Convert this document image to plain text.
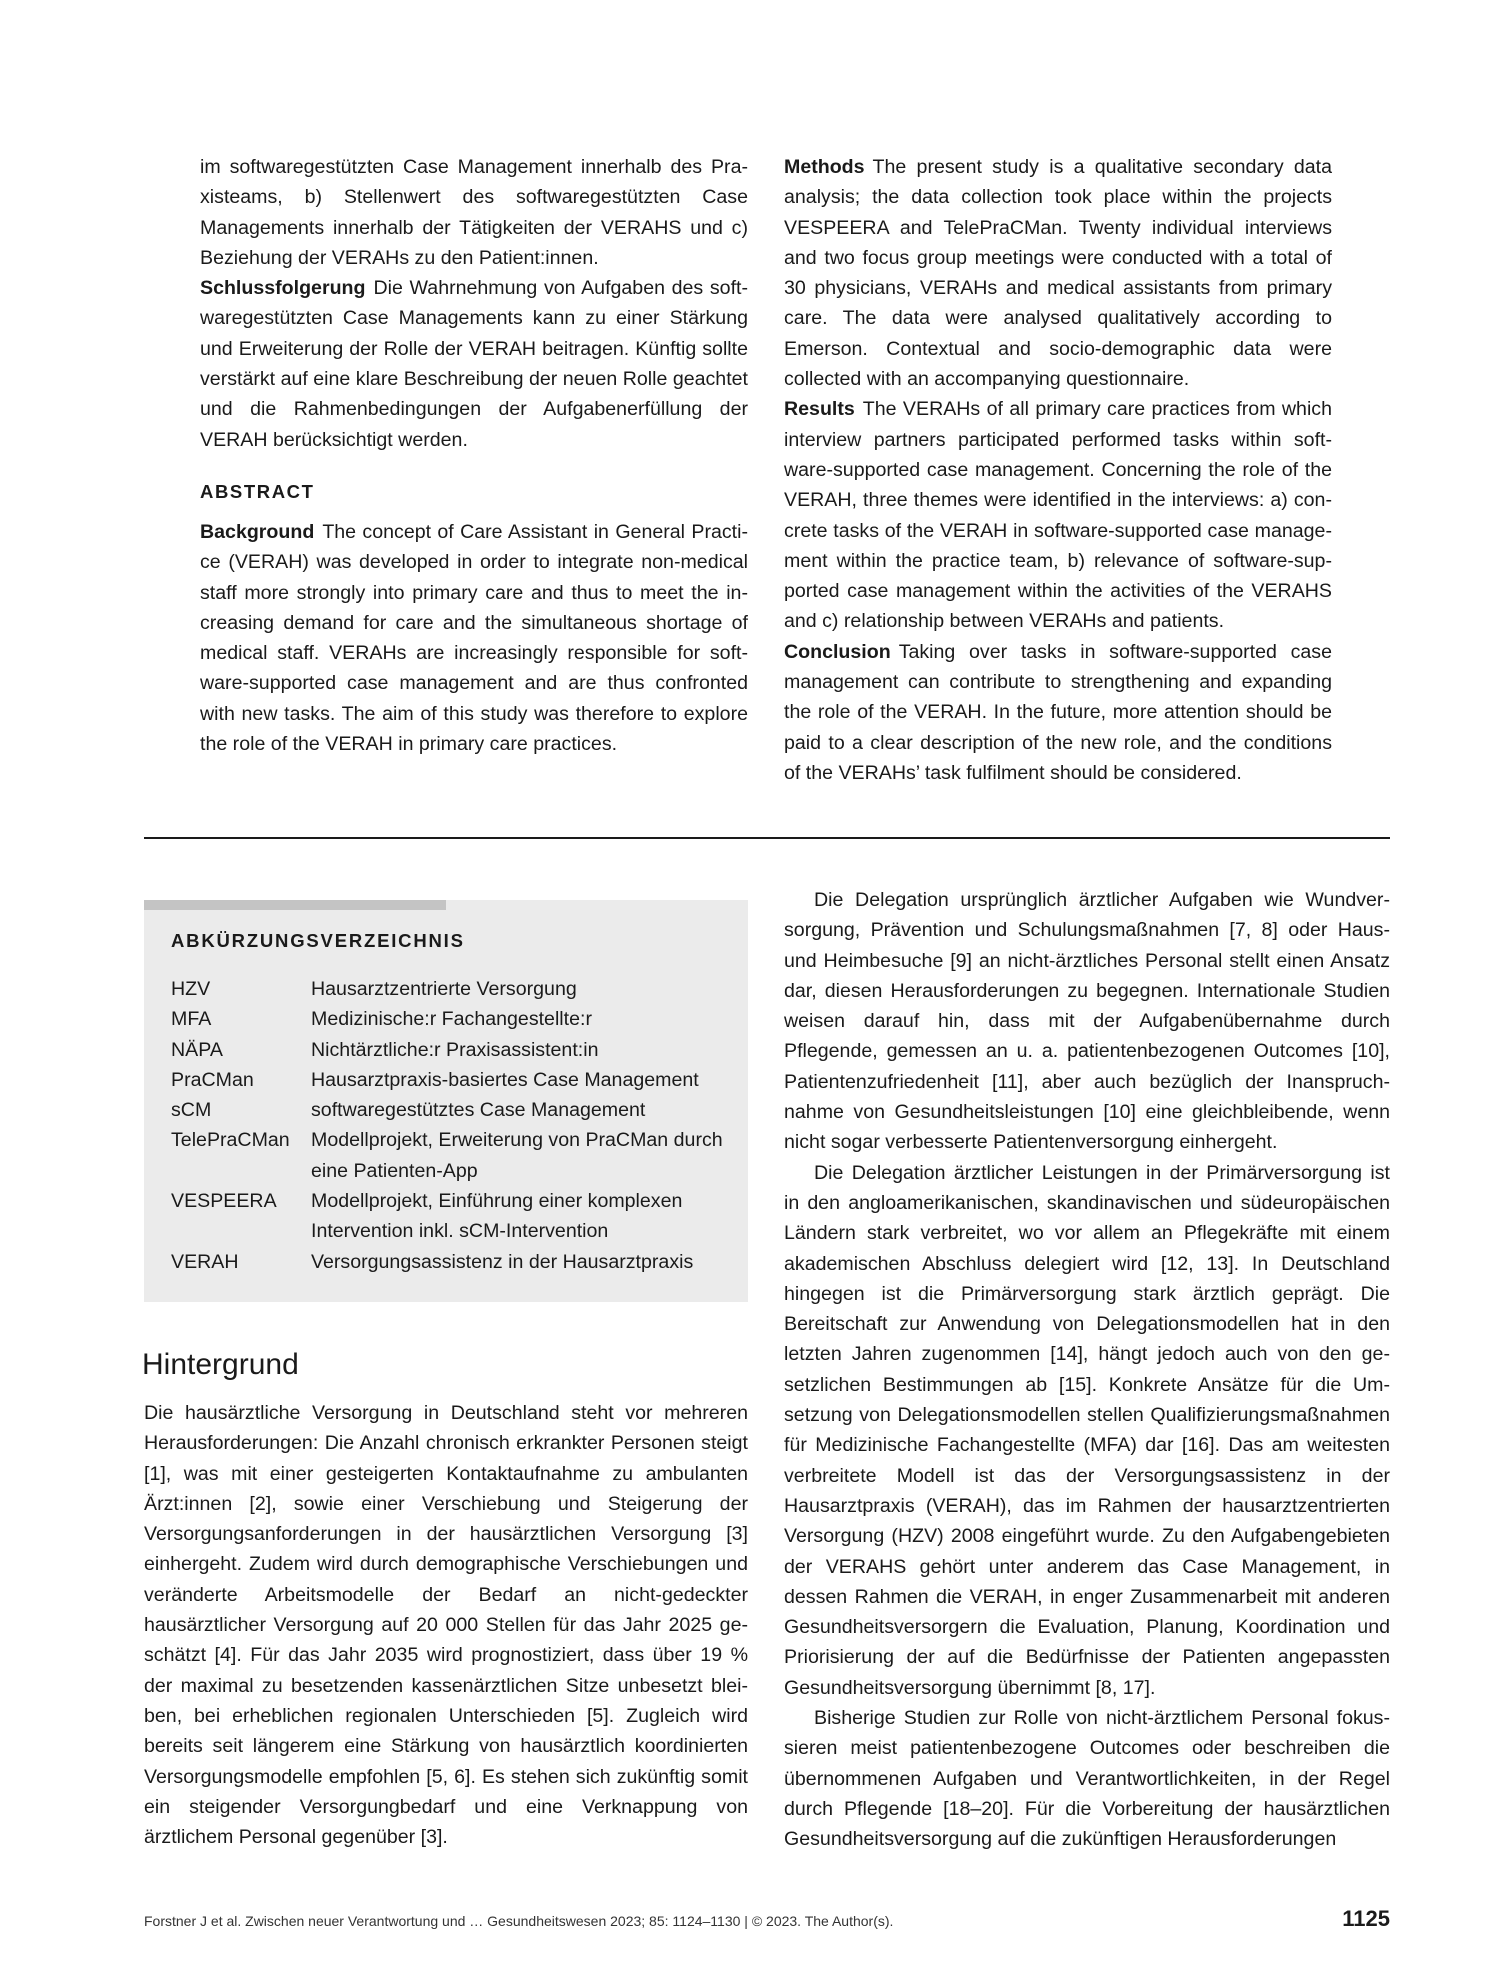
im softwaregestützten Case Management innerhalb des Praxisteams, b) Stellenwert des softwaregestützten Case Managements innerhalb der Tätigkeiten der VERAHS und c) Beziehung der VERAHs zu den Patient:innen.

Schlussfolgerung Die Wahrnehmung von Aufgaben des softwaregestützten Case Managements kann zu einer Stärkung und Erweiterung der Rolle der VERAH beitragen. Künftig sollte verstärkt auf eine klare Beschreibung der neuen Rolle geachtet und die Rahmenbedingungen der Aufgabenerfüllung der VERAH berücksichtigt werden.

ABSTRACT

Background The concept of Care Assistant in General Practice (VERAH) was developed in order to integrate non-medical staff more strongly into primary care and thus to meet the increasing demand for care and the simultaneous shortage of medical staff. VERAHs are increasingly responsible for software-supported case management and are thus confronted with new tasks. The aim of this study was therefore to explore the role of the VERAH in primary care practices.

Methods The present study is a qualitative secondary data analysis; the data collection took place within the projects VESPEERA and TelePraCMan. Twenty individual interviews and two focus group meetings were conducted with a total of 30 physicians, VERAHs and medical assistants from primary care. The data were analysed qualitatively according to Emerson. Contextual and socio-demographic data were collected with an accompanying questionnaire.

Results The VERAHs of all primary care practices from which interview partners participated performed tasks within software-supported case management. Concerning the role of the VERAH, three themes were identified in the interviews: a) concrete tasks of the VERAH in software-supported case management within the practice team, b) relevance of software-supported case management within the activities of the VERAHS and c) relationship between VERAHs and patients.

Conclusion Taking over tasks in software-supported case management can contribute to strengthening and expanding the role of the VERAH. In the future, more attention should be paid to a clear description of the new role, and the conditions of the VERAHs’ task fulfilment should be considered.

ABKÜRZUNGSVERZEICHNIS
HZV	Hausarztzentrierte Versorgung
MFA	Medizinische:r Fachangestellte:r
NÄPA	Nichtärztliche:r Praxisassistent:in
PraCMan	Hausarztpraxis-basiertes Case Management
sCM	softwaregestütztes Case Management
TelePraCMan	Modellprojekt, Erweiterung von PraCMan durch eine Patienten-App
VESPEERA	Modellprojekt, Einführung einer komplexen Intervention inkl. sCM-Intervention
VERAH	Versorgungsassistenz in der Hausarztpraxis
Hintergrund

Die hausärztliche Versorgung in Deutschland steht vor mehreren Herausforderungen: Die Anzahl chronisch erkrankter Personen steigt [1], was mit einer gesteigerten Kontaktaufnahme zu ambulanten Ärzt:innen [2], sowie einer Verschiebung und Steigerung der Versorgungsanforderungen in der hausärztlichen Versorgung [3] einhergeht. Zudem wird durch demographische Verschiebungen und veränderte Arbeitsmodelle der Bedarf an nicht-gedeckter hausärztlicher Versorgung auf 20 000 Stellen für das Jahr 2025 geschätzt [4]. Für das Jahr 2035 wird prognostiziert, dass über 19 % der maximal zu besetzenden kassenärztlichen Sitze unbesetzt bleiben, bei erheblichen regionalen Unterschieden [5]. Zugleich wird bereits seit längerem eine Stärkung von hausärztlich koordinierten Versorgungsmodelle empfohlen [5, 6]. Es stehen sich zukünftig somit ein steigender Versorgungbedarf und eine Verknappung von ärztlichem Personal gegenüber [3].

Die Delegation ursprünglich ärztlicher Aufgaben wie Wundversorgung, Prävention und Schulungsmaßnahmen [7, 8] oder Haus- und Heimbesuche [9] an nicht-ärztliches Personal stellt einen Ansatz dar, diesen Herausforderungen zu begegnen. Internationale Studien weisen darauf hin, dass mit der Aufgabenübernahme durch Pflegende, gemessen an u. a. patientenbezogenen Outcomes [10], Patientenzufriedenheit [11], aber auch bezüglich der Inanspruchnahme von Gesundheitsleistungen [10] eine gleichbleibende, wenn nicht sogar verbesserte Patientenversorgung einhergeht.

Die Delegation ärztlicher Leistungen in der Primärversorgung ist in den angloamerikanischen, skandinavischen und südeuropäischen Ländern stark verbreitet, wo vor allem an Pflegekräfte mit einem akademischen Abschluss delegiert wird [12, 13]. In Deutschland hingegen ist die Primärversorgung stark ärztlich geprägt. Die Bereitschaft zur Anwendung von Delegationsmodellen hat in den letzten Jahren zugenommen [14], hängt jedoch auch von den gesetzlichen Bestimmungen ab [15]. Konkrete Ansätze für die Umsetzung von Delegationsmodellen stellen Qualifizierungsmaßnahmen für Medizinische Fachangestellte (MFA) dar [16]. Das am weitesten verbreitete Modell ist das der Versorgungsassistenz in der Hausarztpraxis (VERAH), das im Rahmen der hausarztzentrierten Versorgung (HZV) 2008 eingeführt wurde. Zu den Aufgabengebieten der VERAHS gehört unter anderem das Case Management, in dessen Rahmen die VERAH, in enger Zusammenarbeit mit anderen Gesundheitsversorgern die Evaluation, Planung, Koordination und Priorisierung der auf die Bedürfnisse der Patienten angepassten Gesundheitsversorgung übernimmt [8, 17].

Bisherige Studien zur Rolle von nicht-ärztlichem Personal fokussieren meist patientenbezogene Outcomes oder beschreiben die übernommenen Aufgaben und Verantwortlichkeiten, in der Regel durch Pflegende [18–20]. Für die Vorbereitung der hausärztlichen Gesundheitsversorgung auf die zukünftigen Herausforderungen

Forstner J et al. Zwischen neuer Verantwortung und … Gesundheitswesen 2023; 85: 1124–1130 | © 2023. The Author(s).	1125
